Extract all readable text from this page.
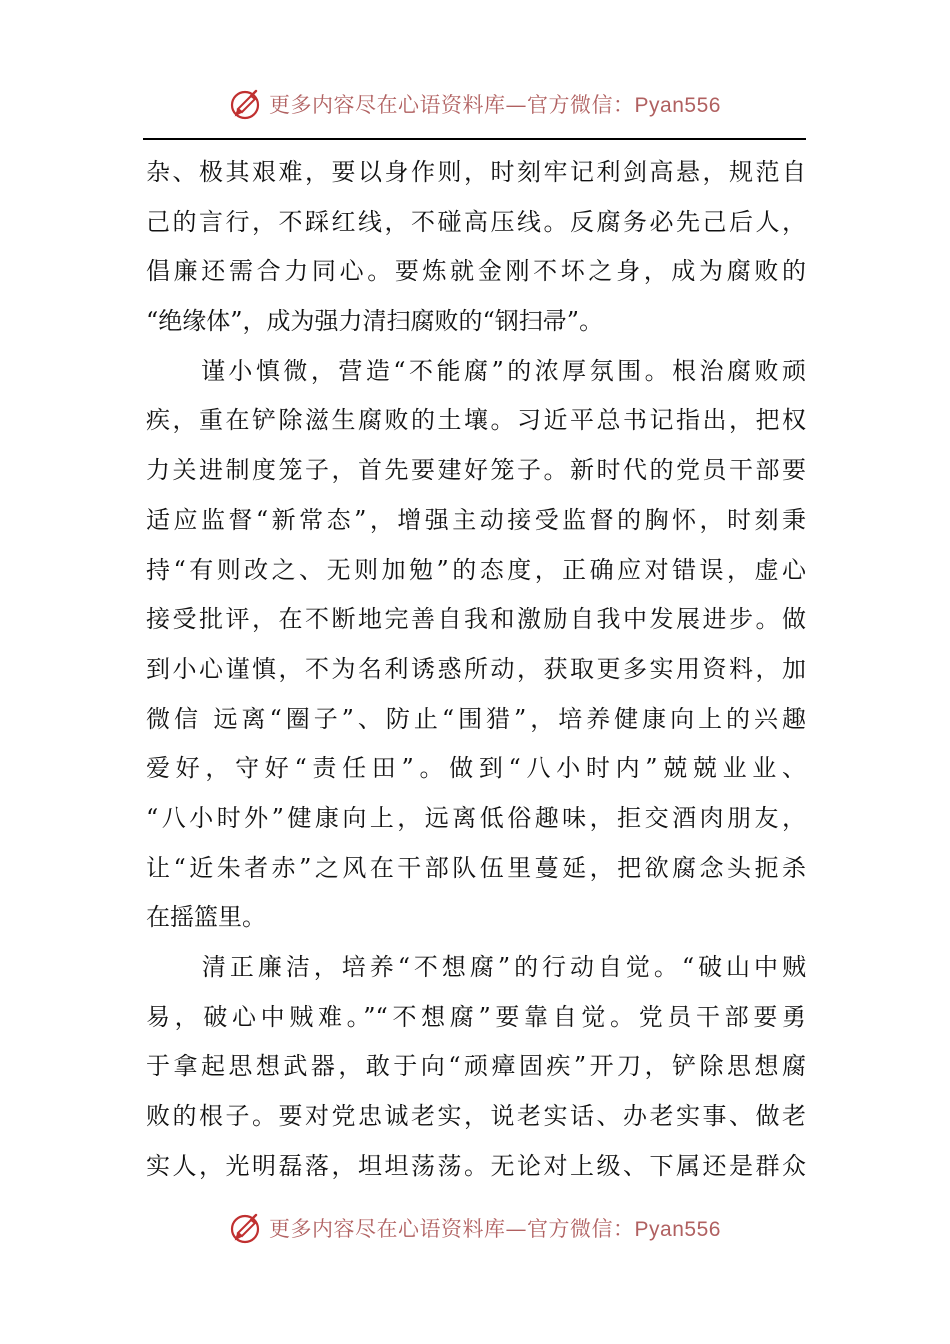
更多内容尽在心语资料库—官方微信：Pyan556
杂、极其艰难，要以身作则，时刻牢记利剑高悬，规范自
己的言行，不踩红线，不碰高压线。反腐务必先己后人，
倡廉还需合力同心。要炼就金刚不坏之身，成为腐败的
“绝缘体”，成为强力清扫腐败的“钢扫帚”。
　　谨小慎微，营造“不能腐”的浓厚氛围。根治腐败顽
疾，重在铲除滋生腐败的土壤。习近平总书记指出，把权
力关进制度笼子，首先要建好笼子。新时代的党员干部要
适应监督“新常态”，增强主动接受监督的胸怀，时刻秉
持“有则改之、无则加勉”的态度，正确应对错误，虚心
接受批评，在不断地完善自我和激励自我中发展进步。做
到小心谨慎，不为名利诱惑所动，获取更多实用资料，加
微信 远离“圈子”、防止“围猎”，培养健康向上的兴趣
爱好，守好“责任田”。做到“八小时内”兢兢业业、
“八小时外”健康向上，远离低俗趣味，拒交酒肉朋友，
让“近朱者赤”之风在干部队伍里蔓延，把欲腐念头扼杀
在摇篮里。
　　清正廉洁，培养“不想腐”的行动自觉。“破山中贼
易，破心中贼难。”“不想腐”要靠自觉。党员干部要勇
于拿起思想武器，敢于向“顽瘴固疾”开刀，铲除思想腐
败的根子。要对党忠诚老实，说老实话、办老实事、做老
实人，光明磊落，坦坦荡荡。无论对上级、下属还是群众
更多内容尽在心语资料库—官方微信：Pyan556
